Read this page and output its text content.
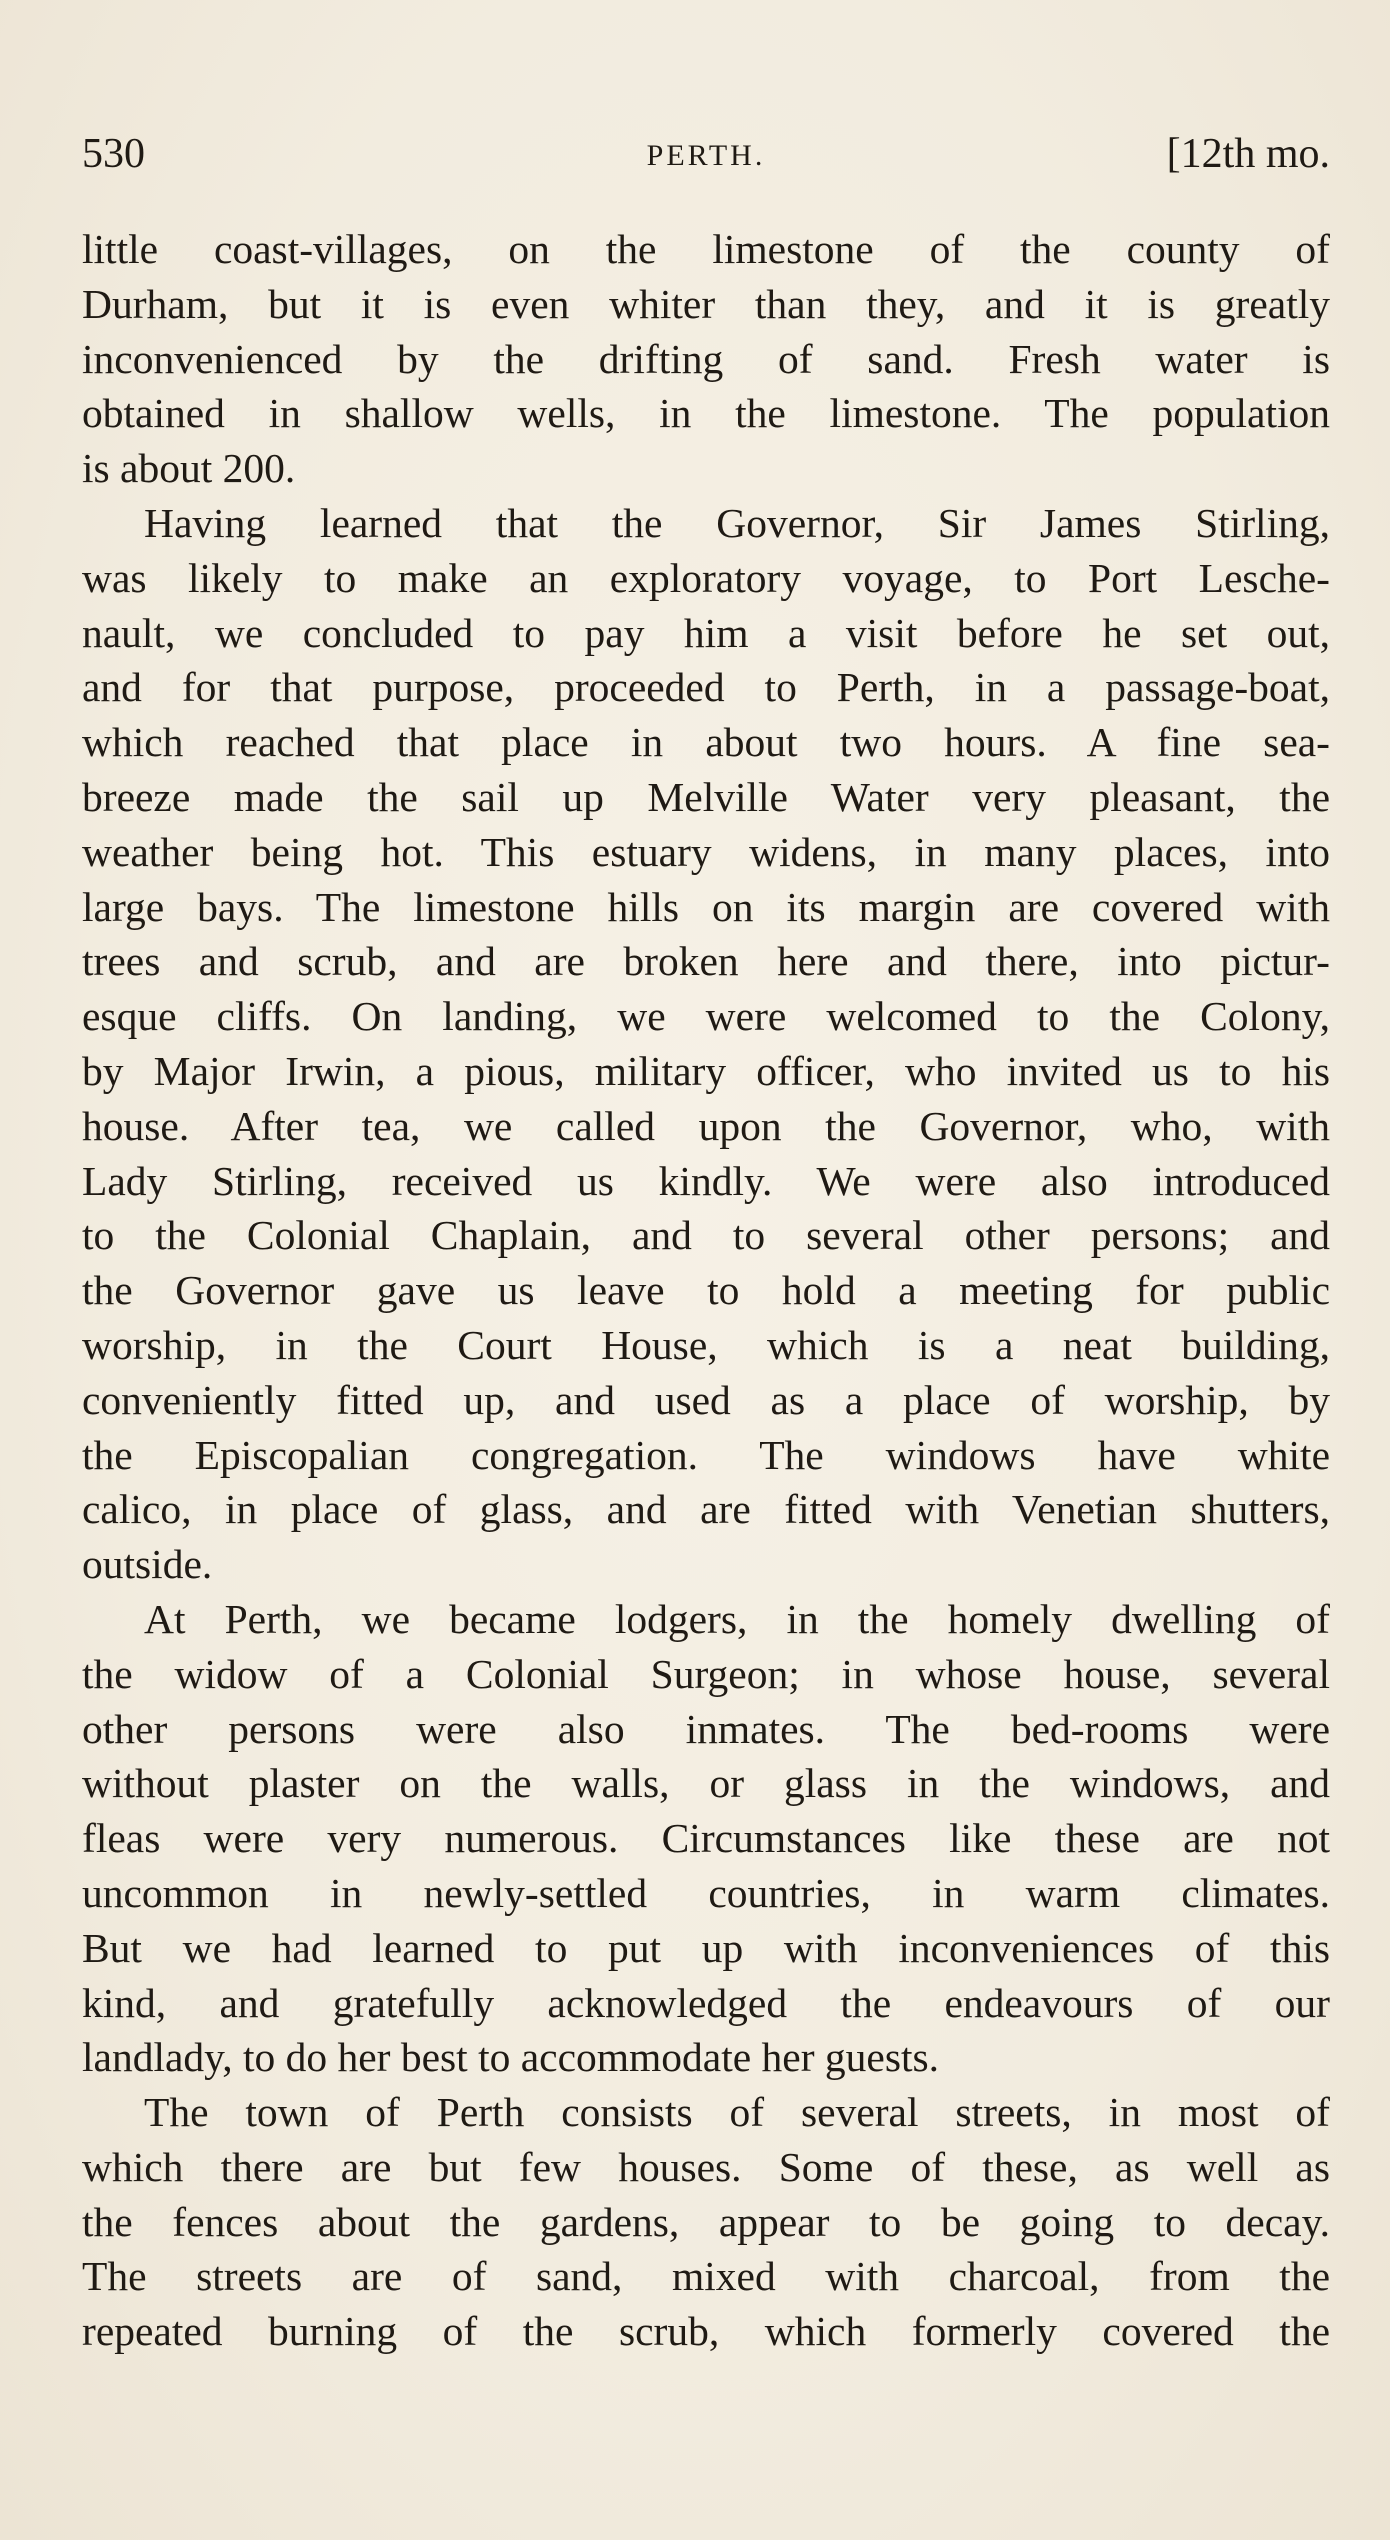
530	PERTH.	[12th mo.
little coast-villages, on the limestone of the county of
Durham, but it is even whiter than they, and it is greatly
inconvenienced by the drifting of sand. Fresh water is
obtained in shallow wells, in the limestone. The population
is about 200.
Having learned that the Governor, Sir James Stirling,
was likely to make an exploratory voyage, to Port Lesche-
nault, we concluded to pay him a visit before he set out,
and for that purpose, proceeded to Perth, in a passage-boat,
which reached that place in about two hours. A fine sea-
breeze made the sail up Melville Water very pleasant, the
weather being hot. This estuary widens, in many places, into
large bays. The limestone hills on its margin are covered with
trees and scrub, and are broken here and there, into pictur-
esque cliffs. On landing, we were welcomed to the Colony,
by Major Irwin, a pious, military officer, who invited us to his
house. After tea, we called upon the Governor, who, with
Lady Stirling, received us kindly. We were also introduced
to the Colonial Chaplain, and to several other persons; and
the Governor gave us leave to hold a meeting for public
worship, in the Court House, which is a neat building,
conveniently fitted up, and used as a place of worship, by
the Episcopalian congregation. The windows have white
calico, in place of glass, and are fitted with Venetian shutters,
outside.
At Perth, we became lodgers, in the homely dwelling of
the widow of a Colonial Surgeon; in whose house, several
other persons were also inmates. The bed-rooms were
without plaster on the walls, or glass in the windows, and
fleas were very numerous. Circumstances like these are not
uncommon in newly-settled countries, in warm climates.
But we had learned to put up with inconveniences of this
kind, and gratefully acknowledged the endeavours of our
landlady, to do her best to accommodate her guests.
The town of Perth consists of several streets, in most of
which there are but few houses. Some of these, as well as
the fences about the gardens, appear to be going to decay.
The streets are of sand, mixed with charcoal, from the
repeated burning of the scrub, which formerly covered the
